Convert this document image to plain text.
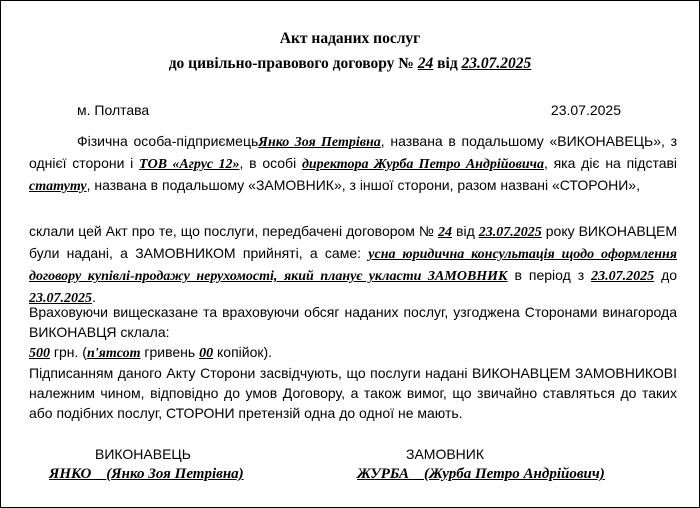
Акт наданих послуг
до цивільно-правового договору № 24 від 23.07.2025
м. Полтава	23.07.2025
Фізична особа-підприємецьЯнко Зоя Петрівна, названа в подальшому «ВИКОНАВЕЦЬ», з однієї сторони і ТОВ «Агрус 12», в особі директора Журба Петро Андрійовича, яка діє на підставі статуту, названа в подальшому «ЗАМОВНИК», з іншої сторони, разом названі «СТОРОНИ»,
склали цей Акт про те, що послуги, передбачені договором № 24 від 23.07.2025 року ВИКОНАВЦЕМ були надані, а ЗАМОВНИКОМ прийняті, а саме: усна юридична консультація щодо оформлення договору купівлі-продажу нерухомості, який планує укласти ЗАМОВНИК в період з 23.07.2025 до 23.07.2025.
Враховуючи вищесказане та враховуючи обсяг наданих послуг, узгоджена Сторонами винагорода ВИКОНАВЦЯ склала:
500 грн. (п'ятсот гривень 00 копійок).
Підписанням даного Акту Сторони засвідчують, що послуги надані ВИКОНАВЦЕМ ЗАМОВНИКОВІ належним чином, відповідно до умов Договору, а також вимог, що звичайно ставляться до таких або подібних послуг, СТОРОНИ претензій одна до одної не мають.
ВИКОНАВЕЦЬ
ЯНКО    (Янко Зоя Петрівна)
ЗАМОВНИК
ЖУРБА    (Журба Петро Андрійович)
